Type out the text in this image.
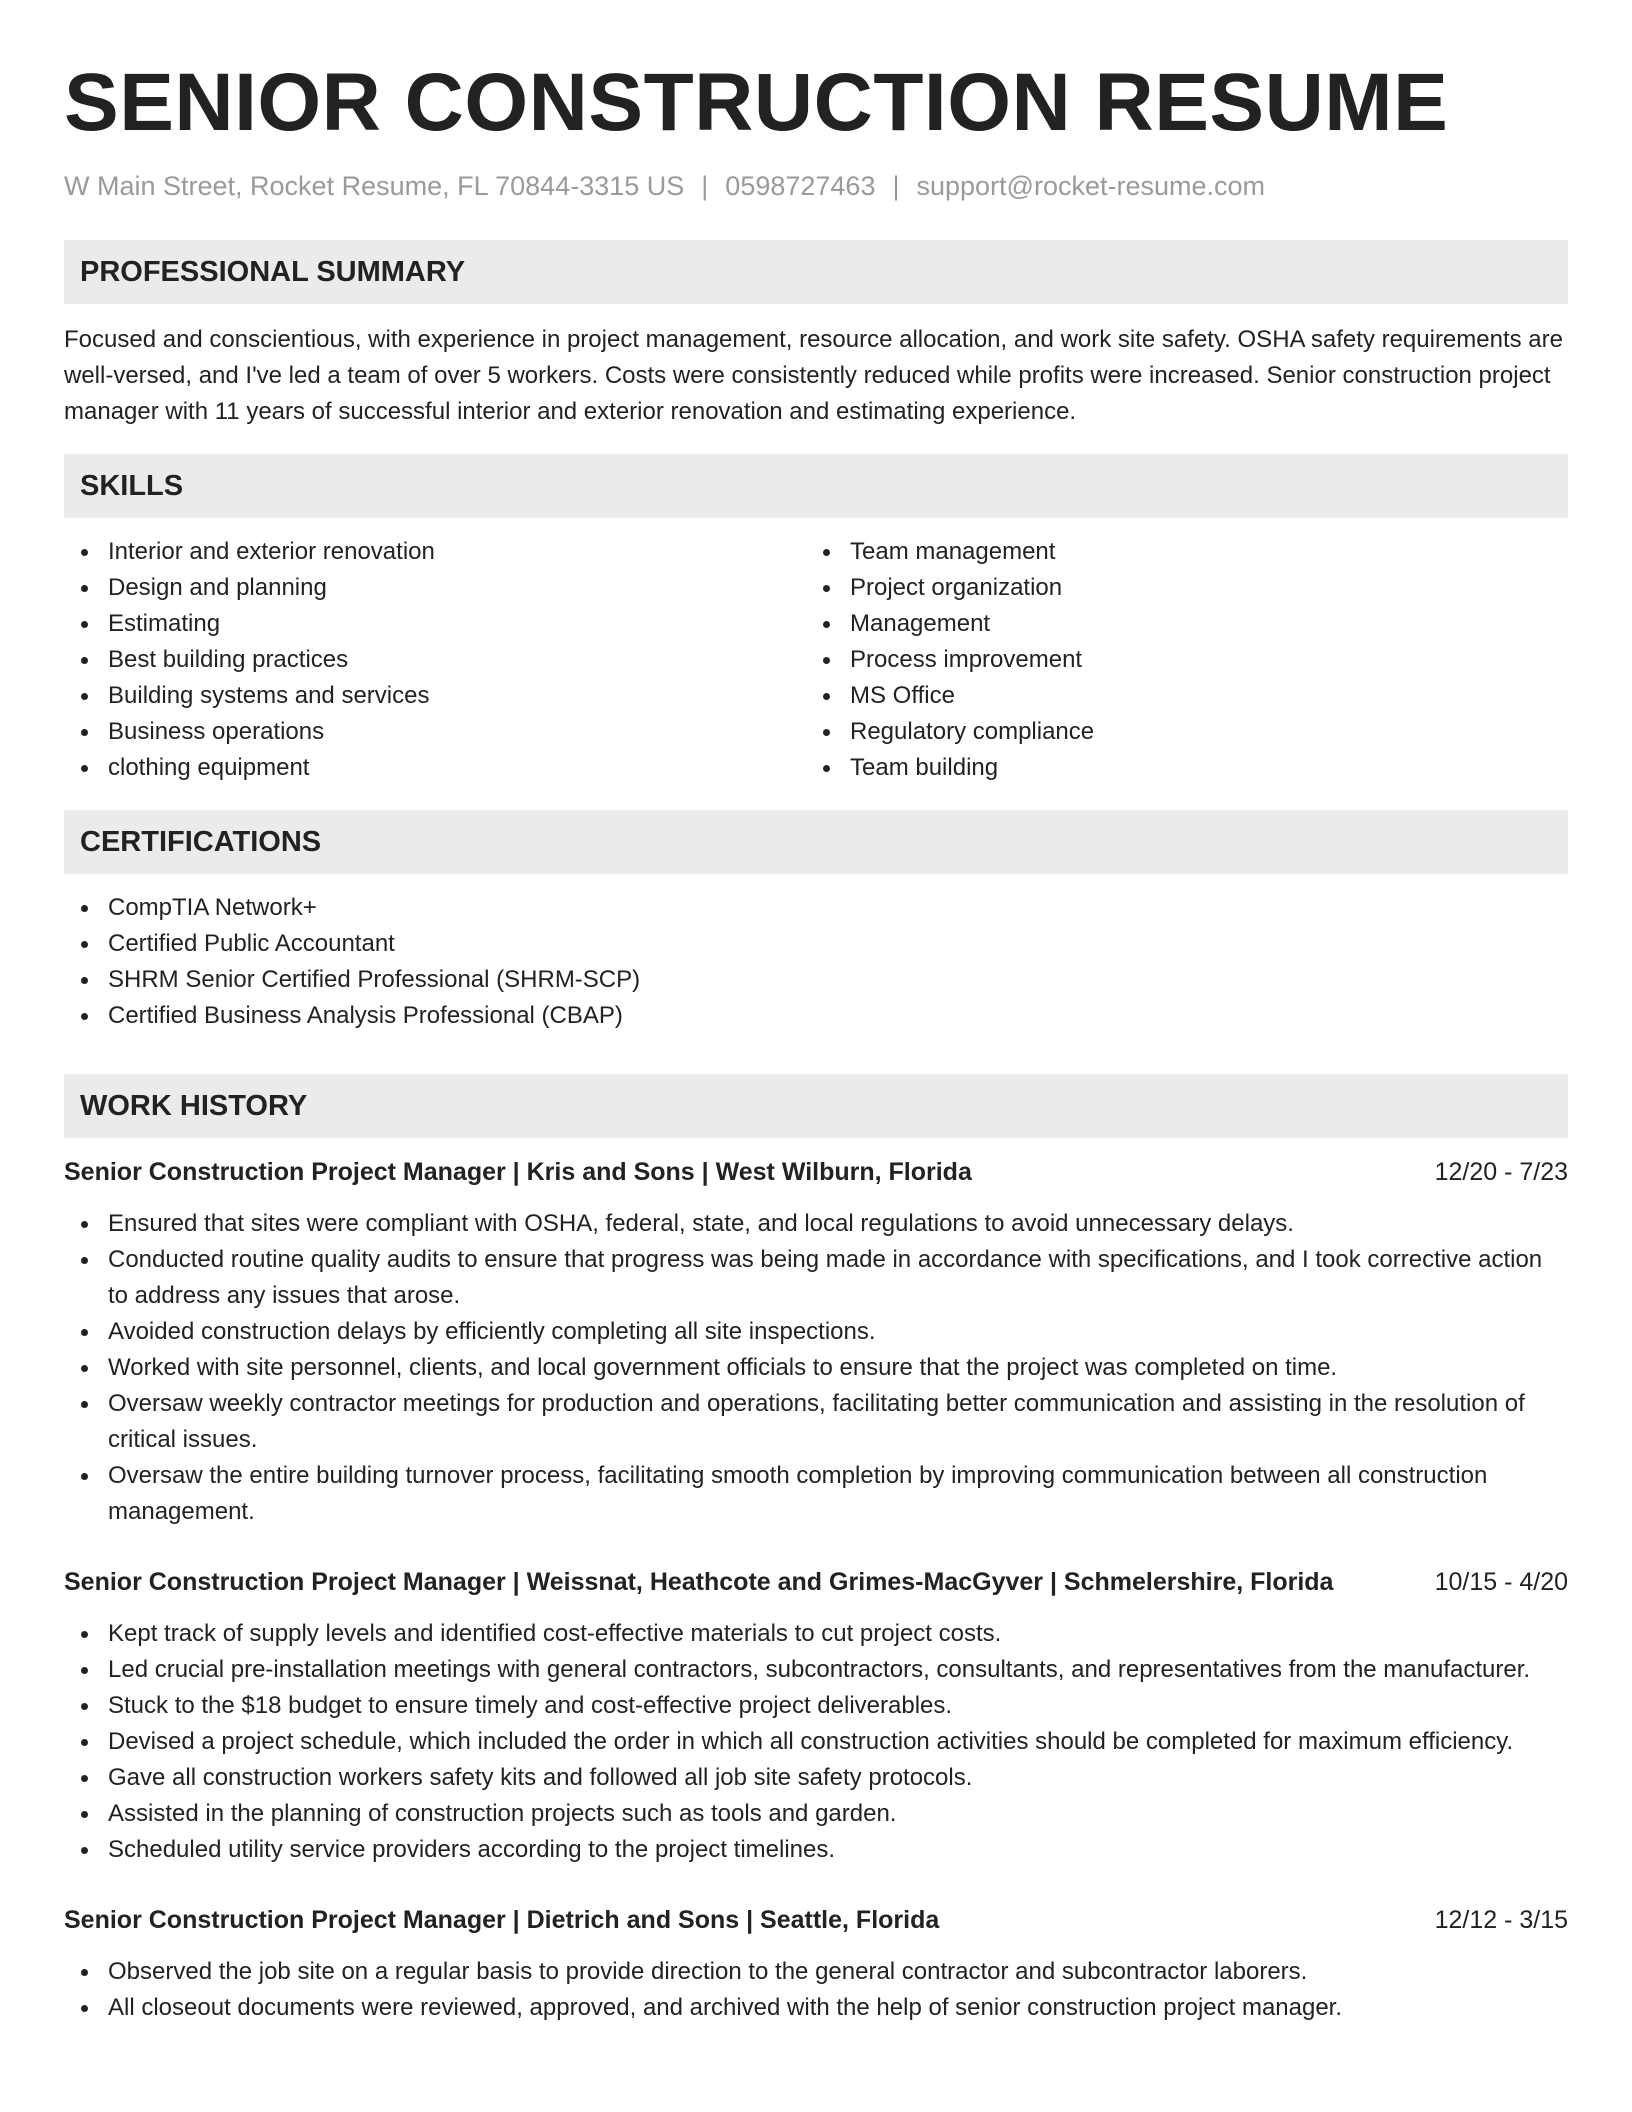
SENIOR CONSTRUCTION RESUME
W Main Street, Rocket Resume, FL 70844-3315 US | 0598727463 | support@rocket-resume.com
PROFESSIONAL SUMMARY

Focused and conscientious, with experience in project management, resource allocation, and work site safety. OSHA safety requirements are well-versed, and I've led a team of over 5 workers. Costs were consistently reduced while profits were increased. Senior construction project manager with 11 years of successful interior and exterior renovation and estimating experience.

SKILLS
Interior and exterior renovation
Design and planning
Estimating
Best building practices
Building systems and services
Business operations
clothing equipment
Team management
Project organization
Management
Process improvement
MS Office
Regulatory compliance
Team building
CERTIFICATIONS
CompTIA Network+
Certified Public Accountant
SHRM Senior Certified Professional (SHRM-SCP)
Certified Business Analysis Professional (CBAP)
WORK HISTORY
Senior Construction Project Manager | Kris and Sons | West Wilburn, Florida	12/20 - 7/23
Ensured that sites were compliant with OSHA, federal, state, and local regulations to avoid unnecessary delays.
Conducted routine quality audits to ensure that progress was being made in accordance with specifications, and I took corrective action to address any issues that arose.
Avoided construction delays by efficiently completing all site inspections.
Worked with site personnel, clients, and local government officials to ensure that the project was completed on time.
Oversaw weekly contractor meetings for production and operations, facilitating better communication and assisting in the resolution of critical issues.
Oversaw the entire building turnover process, facilitating smooth completion by improving communication between all construction management.
Senior Construction Project Manager | Weissnat, Heathcote and Grimes-MacGyver | Schmelershire, Florida	10/15 - 4/20
Kept track of supply levels and identified cost-effective materials to cut project costs.
Led crucial pre-installation meetings with general contractors, subcontractors, consultants, and representatives from the manufacturer.
Stuck to the $18 budget to ensure timely and cost-effective project deliverables.
Devised a project schedule, which included the order in which all construction activities should be completed for maximum efficiency.
Gave all construction workers safety kits and followed all job site safety protocols.
Assisted in the planning of construction projects such as tools and garden.
Scheduled utility service providers according to the project timelines.
Senior Construction Project Manager | Dietrich and Sons | Seattle, Florida	12/12 - 3/15
Observed the job site on a regular basis to provide direction to the general contractor and subcontractor laborers.
All closeout documents were reviewed, approved, and archived with the help of senior construction project manager.
